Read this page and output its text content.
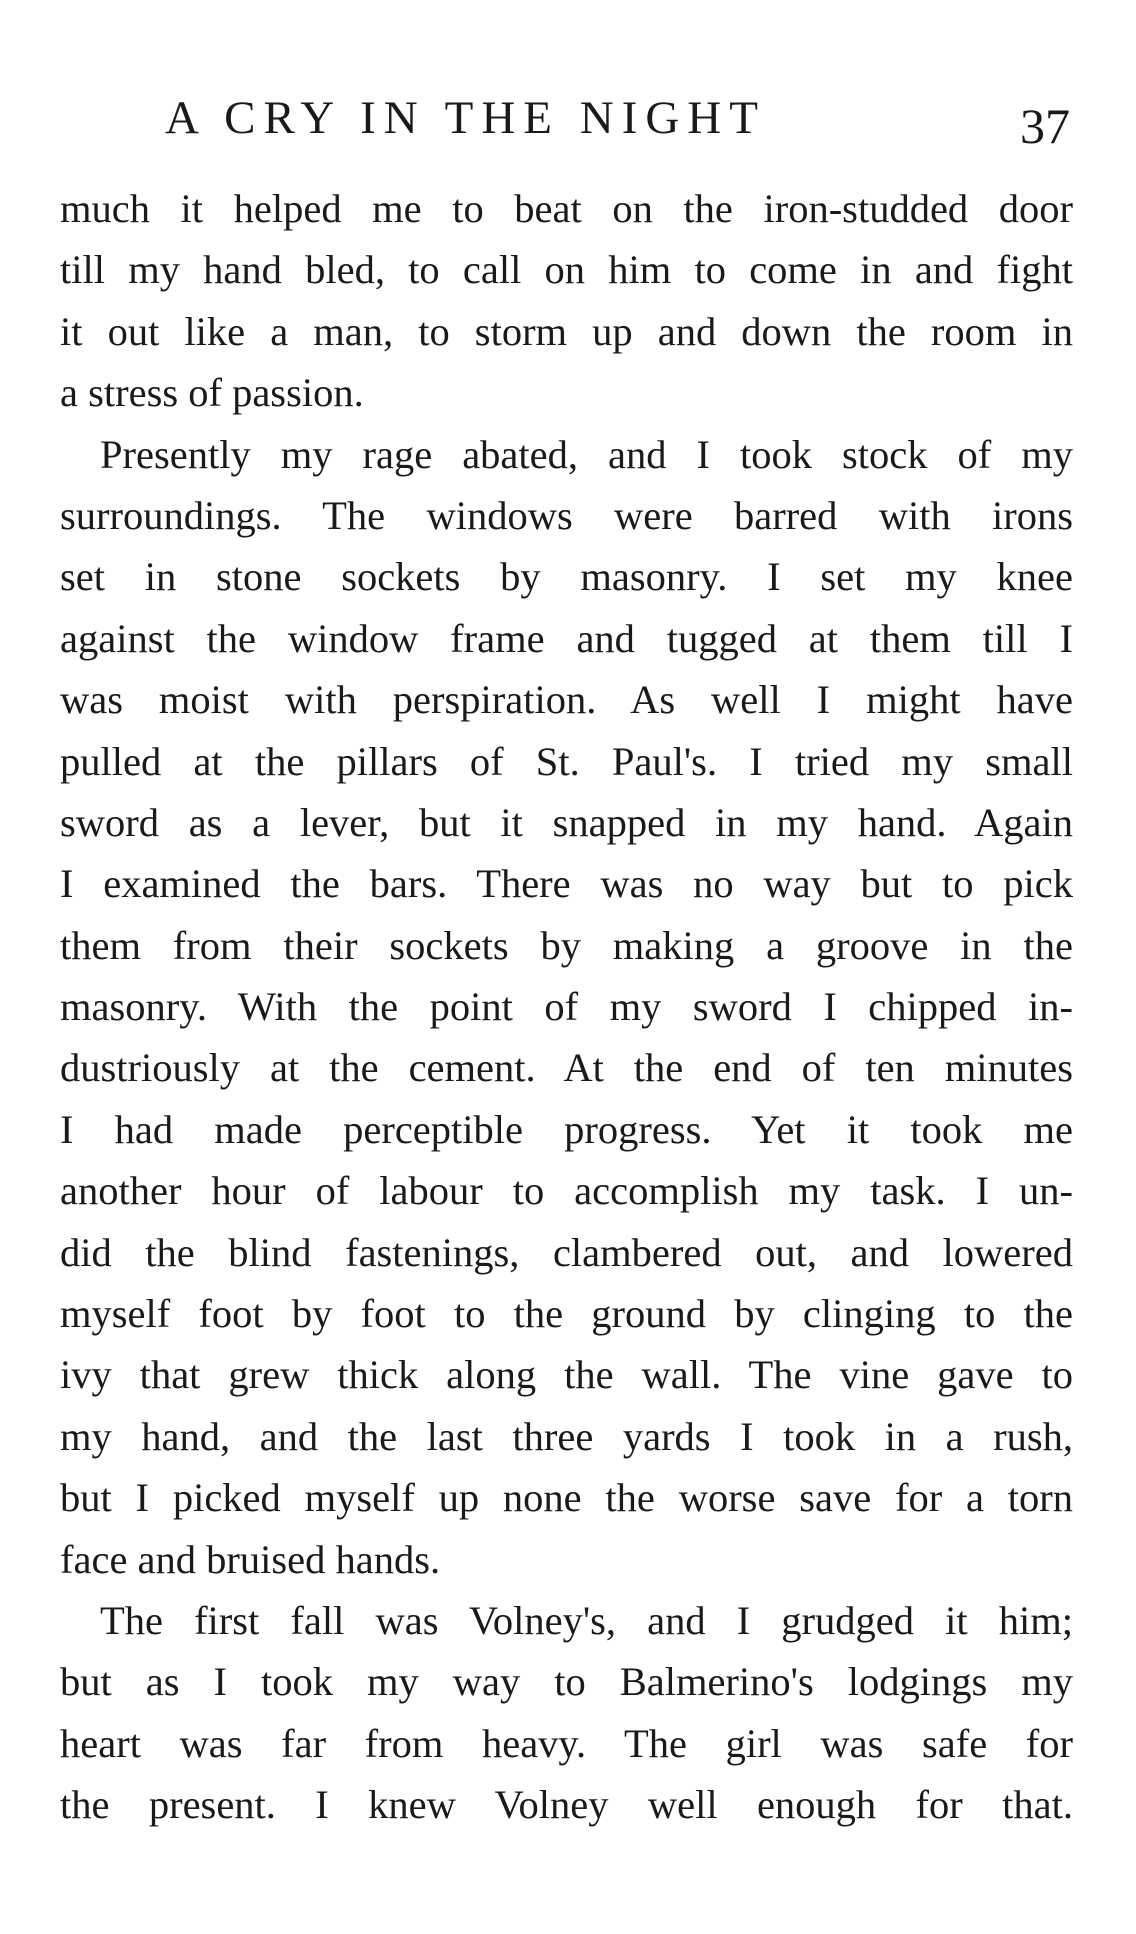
A CRY IN THE NIGHT	37
much it helped me to beat on the iron-studded door
till my hand bled, to call on him to come in and fight
it out like a man, to storm up and down the room in
a stress of passion.
Presently my rage abated, and I took stock of my
surroundings. The windows were barred with irons
set in stone sockets by masonry. I set my knee
against the window frame and tugged at them till I
was moist with perspiration. As well I might have
pulled at the pillars of St. Paul's. I tried my small
sword as a lever, but it snapped in my hand. Again
I examined the bars. There was no way but to pick
them from their sockets by making a groove in the
masonry. With the point of my sword I chipped in-
dustriously at the cement. At the end of ten minutes
I had made perceptible progress. Yet it took me
another hour of labour to accomplish my task. I un-
did the blind fastenings, clambered out, and lowered
myself foot by foot to the ground by clinging to the
ivy that grew thick along the wall. The vine gave to
my hand, and the last three yards I took in a rush,
but I picked myself up none the worse save for a torn
face and bruised hands.
The first fall was Volney's, and I grudged it him;
but as I took my way to Balmerino's lodgings my
heart was far from heavy. The girl was safe for
the present. I knew Volney well enough for that.
